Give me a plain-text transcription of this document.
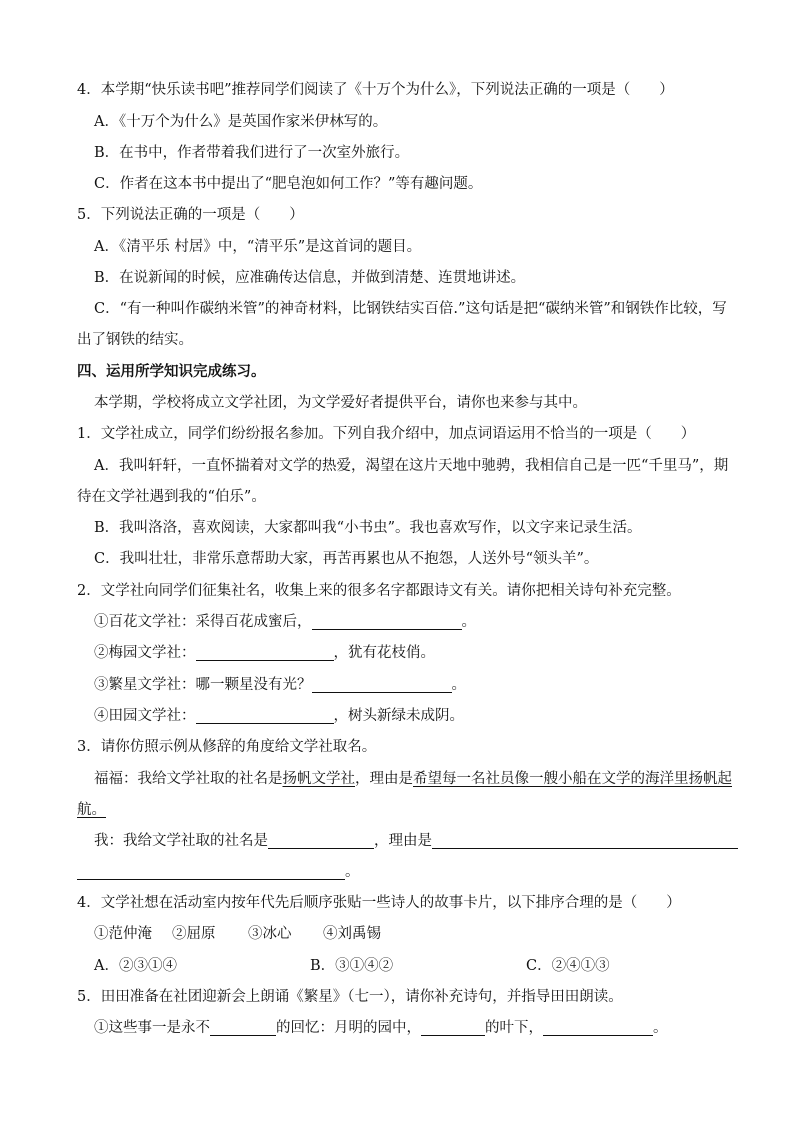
4．本学期“快乐读书吧”推荐同学们阅读了《十万个为什么》，下列说法正确的一项是（　　）
A．《十万个为什么》是英国作家米伊林写的。
B．在书中，作者带着我们进行了一次室外旅行。
C．作者在这本书中提出了“肥皂泡如何工作？”等有趣问题。
5．下列说法正确的一项是（　　）
A．《清平乐 村居》中，“清平乐”是这首词的题目。
B．在说新闻的时候，应准确传达信息，并做到清楚、连贯地讲述。
C．“有一种叫作碳纳米管”的神奇材料，比钢铁结实百倍.”这句话是把“碳纳米管”和钢铁作比较，写
出了钢铁的结实。
四、运用所学知识完成练习。
本学期，学校将成立文学社团，为文学爱好者提供平台，请你也来参与其中。
1．文学社成立，同学们纷纷报名参加。下列自我介绍中，加点词语运用不恰当的一项是（　　）
A．我叫轩轩，一直怀揣着对文学的热爱，渴望在这片天地中驰骋，我相信自己是一匹“千里马”，期
待在文学社遇到我的“伯乐”。
B．我叫洛洛，喜欢阅读，大家都叫我“小书虫”。我也喜欢写作，以文字来记录生活。
C．我叫壮壮，非常乐意帮助大家，再苦再累也从不抱怨，人送外号“领头羊”。
2．文学社向同学们征集社名，收集上来的很多名字都跟诗文有关。请你把相关诗句补充完整。
①百花文学社：采得百花成蜜后，	。
②梅园文学社：	，犹有花枝俏。
③繁星文学社：哪一颗星没有光？	。
④田园文学社：	，树头新绿未成阴。
3．请你仿照示例从修辞的角度给文学社取名。
福福：我给文学社取的社名是扬帆文学社，理由是希望每一名社员像一艘小船在文学的海洋里扬帆起
航。
我：我给文学社取的社名是	，理由是
。
4．文学社想在活动室内按年代先后顺序张贴一些诗人的故事卡片，以下排序合理的是（　　）
①范仲淹 ②屈原 ③冰心 ④刘禹锡
A．②③①④	B．③①④②	C．②④①③
5．田田准备在社团迎新会上朗诵《繁星》（七一），请你补充诗句，并指导田田朗读。
①这些事一是永不	的回忆：月明的园中，	的叶下，	。
